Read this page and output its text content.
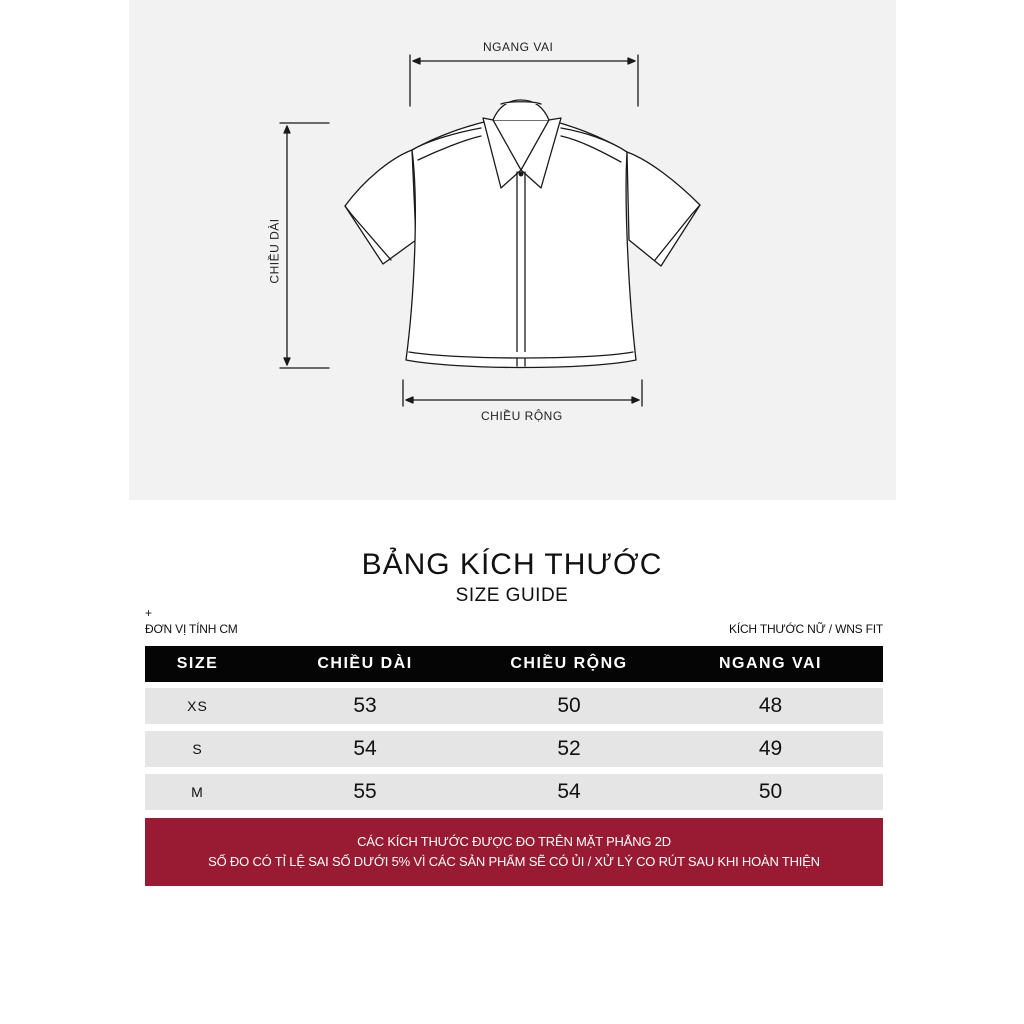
NGANG VAI
CHIỀU DÀI
CHIỀU RỘNG
BẢNG KÍCH THƯỚC
SIZE GUIDE
+
ĐƠN VỊ TÍNH CM	KÍCH THƯỚC NỮ / WNS FIT
SIZE	CHIỀU DÀI	CHIỀU RỘNG	NGANG VAI
XS	53	50	48
S	54	52	49
M	55	54	50
CÁC KÍCH THƯỚC ĐƯỢC ĐO TRÊN MẶT PHẲNG 2D
SỐ ĐO CÓ TỈ LỆ SAI SỐ DƯỚI 5% VÌ CÁC SẢN PHẨM SẼ CÓ ỦI / XỬ LÝ CO RÚT SAU KHI HOÀN THIỆN
